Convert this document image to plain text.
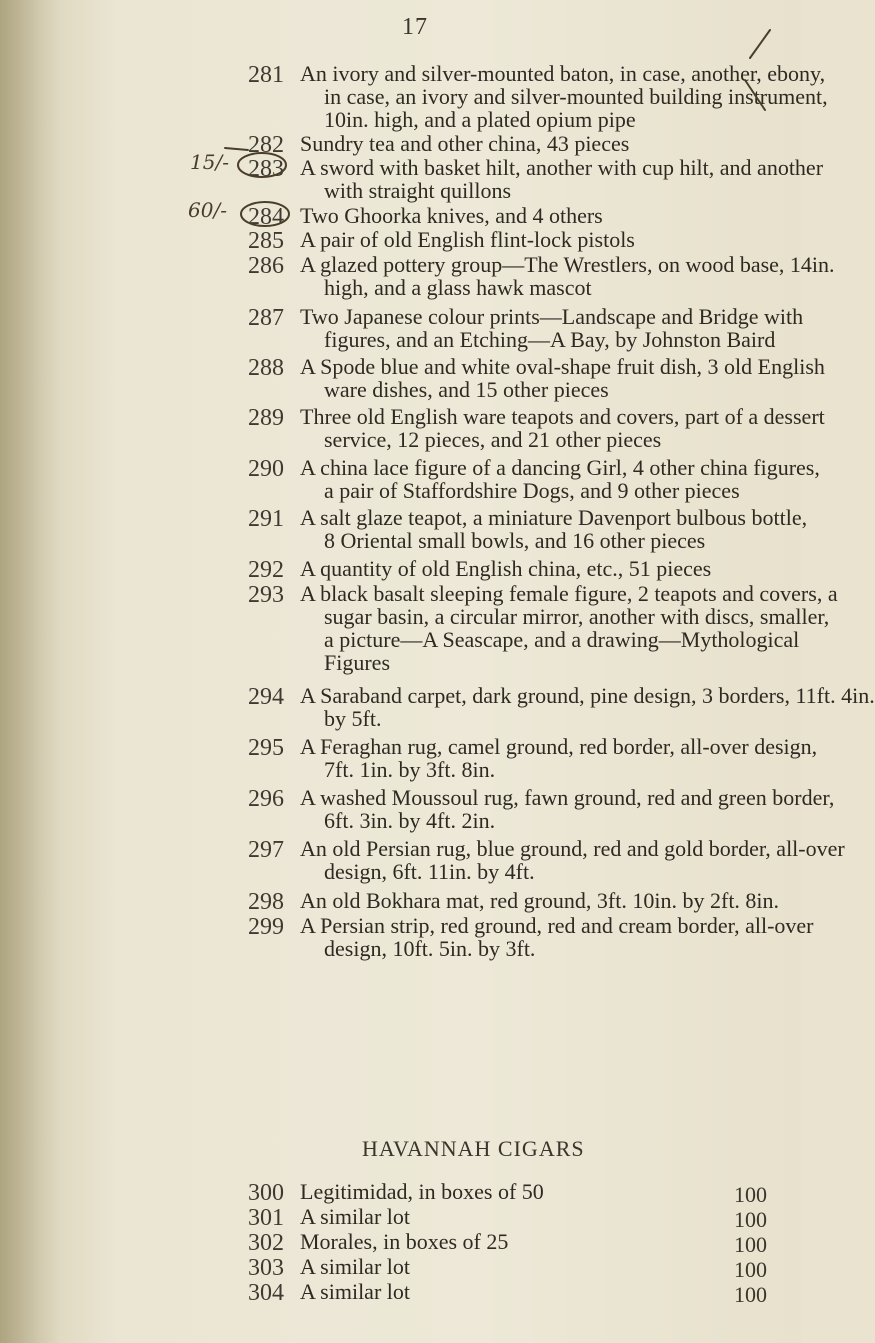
17
281 An ivory and silver-mounted baton, in case, another, ebony,
in case, an ivory and silver-mounted building instrument,
10in. high, and a plated opium pipe
282 Sundry tea and other china, 43 pieces
283 A sword with basket hilt, another with cup hilt, and another
with straight quillons
284 Two Ghoorka knives, and 4 others
285 A pair of old English flint-lock pistols
286 A glazed pottery group—The Wrestlers, on wood base, 14in.
high, and a glass hawk mascot
287 Two Japanese colour prints—Landscape and Bridge with
figures, and an Etching—A Bay, by Johnston Baird
288 A Spode blue and white oval-shape fruit dish, 3 old English
ware dishes, and 15 other pieces
289 Three old English ware teapots and covers, part of a dessert
service, 12 pieces, and 21 other pieces
290 A china lace figure of a dancing Girl, 4 other china figures,
a pair of Staffordshire Dogs, and 9 other pieces
291 A salt glaze teapot, a miniature Davenport bulbous bottle,
8 Oriental small bowls, and 16 other pieces
292 A quantity of old English china, etc., 51 pieces
293 A black basalt sleeping female figure, 2 teapots and covers, a
sugar basin, a circular mirror, another with discs, smaller,
a picture—A Seascape, and a drawing—Mythological
Figures
294 A Saraband carpet, dark ground, pine design, 3 borders, 11ft. 4in.
by 5ft.
295 A Feraghan rug, camel ground, red border, all-over design,
7ft. 1in. by 3ft. 8in.
296 A washed Moussoul rug, fawn ground, red and green border,
6ft. 3in. by 4ft. 2in.
297 An old Persian rug, blue ground, red and gold border, all-over
design, 6ft. 11in. by 4ft.
298 An old Bokhara mat, red ground, 3ft. 10in. by 2ft. 8in.
299 A Persian strip, red ground, red and cream border, all-over
design, 10ft. 5in. by 3ft.
HAVANNAH CIGARS
300 Legitimidad, in boxes of 50	100
301 A similar lot	100
302 Morales, in boxes of 25	100
303 A similar lot	100
304 A similar lot	100
15/-
60/-
